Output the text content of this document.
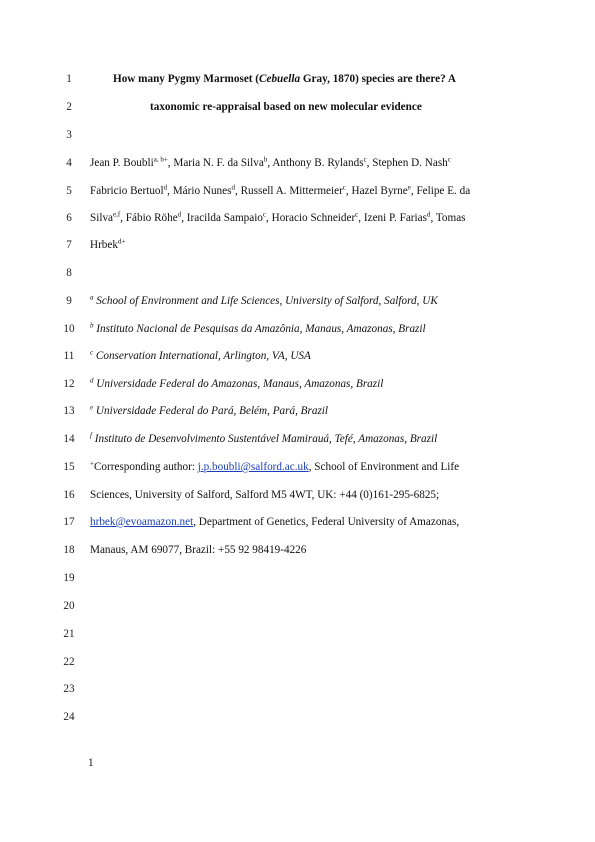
1
2
3
4
5
6
7
8
9
10
11
12
13
14
15
16
17
18
19
20
21
22
23
24
How many Pygmy Marmoset (Cebuella Gray, 1870) species are there? A
taxonomic re-appraisal based on new molecular evidence
Jean P. Boubli$^{a, b+}$, Maria N. F. da Silva$^b$, Anthony B. Rylands$^c$, Stephen D. Nash$^c$
Fabricio Bertuol$^d$, Mário Nunes$^d$, Russell A. Mittermeier$^c$, Hazel Byrne$^e$, Felipe E. da
Silva$^{e,f}$, Fábio Röhe$^d$, Iracilda Sampaio$^c$, Horacio Schneider$^c$, Izeni P. Farias$^d$, Tomas
Hrbek$^{d+}$
$^a$ School of Environment and Life Sciences, University of Salford, Salford, UK
$^b$ Instituto Nacional de Pesquisas da Amazônia, Manaus, Amazonas, Brazil
$^c$ Conservation International, Arlington, VA, USA
$^d$ Universidade Federal do Amazonas, Manaus, Amazonas, Brazil
$^e$ Universidade Federal do Pará, Belém, Pará, Brazil
$^f$ Instituto de Desenvolvimento Sustentável Mamirauá, Tefé, Amazonas, Brazil
+Corresponding author: j.p.boubli@salford.ac.uk, School of Environment and Life
Sciences, University of Salford, Salford M5 4WT, UK: +44 (0)161-295-6825;
hrbek@evoamazon.net, Department of Genetics, Federal University of Amazonas,
Manaus, AM 69077, Brazil: +55 92 98419-4226
1
